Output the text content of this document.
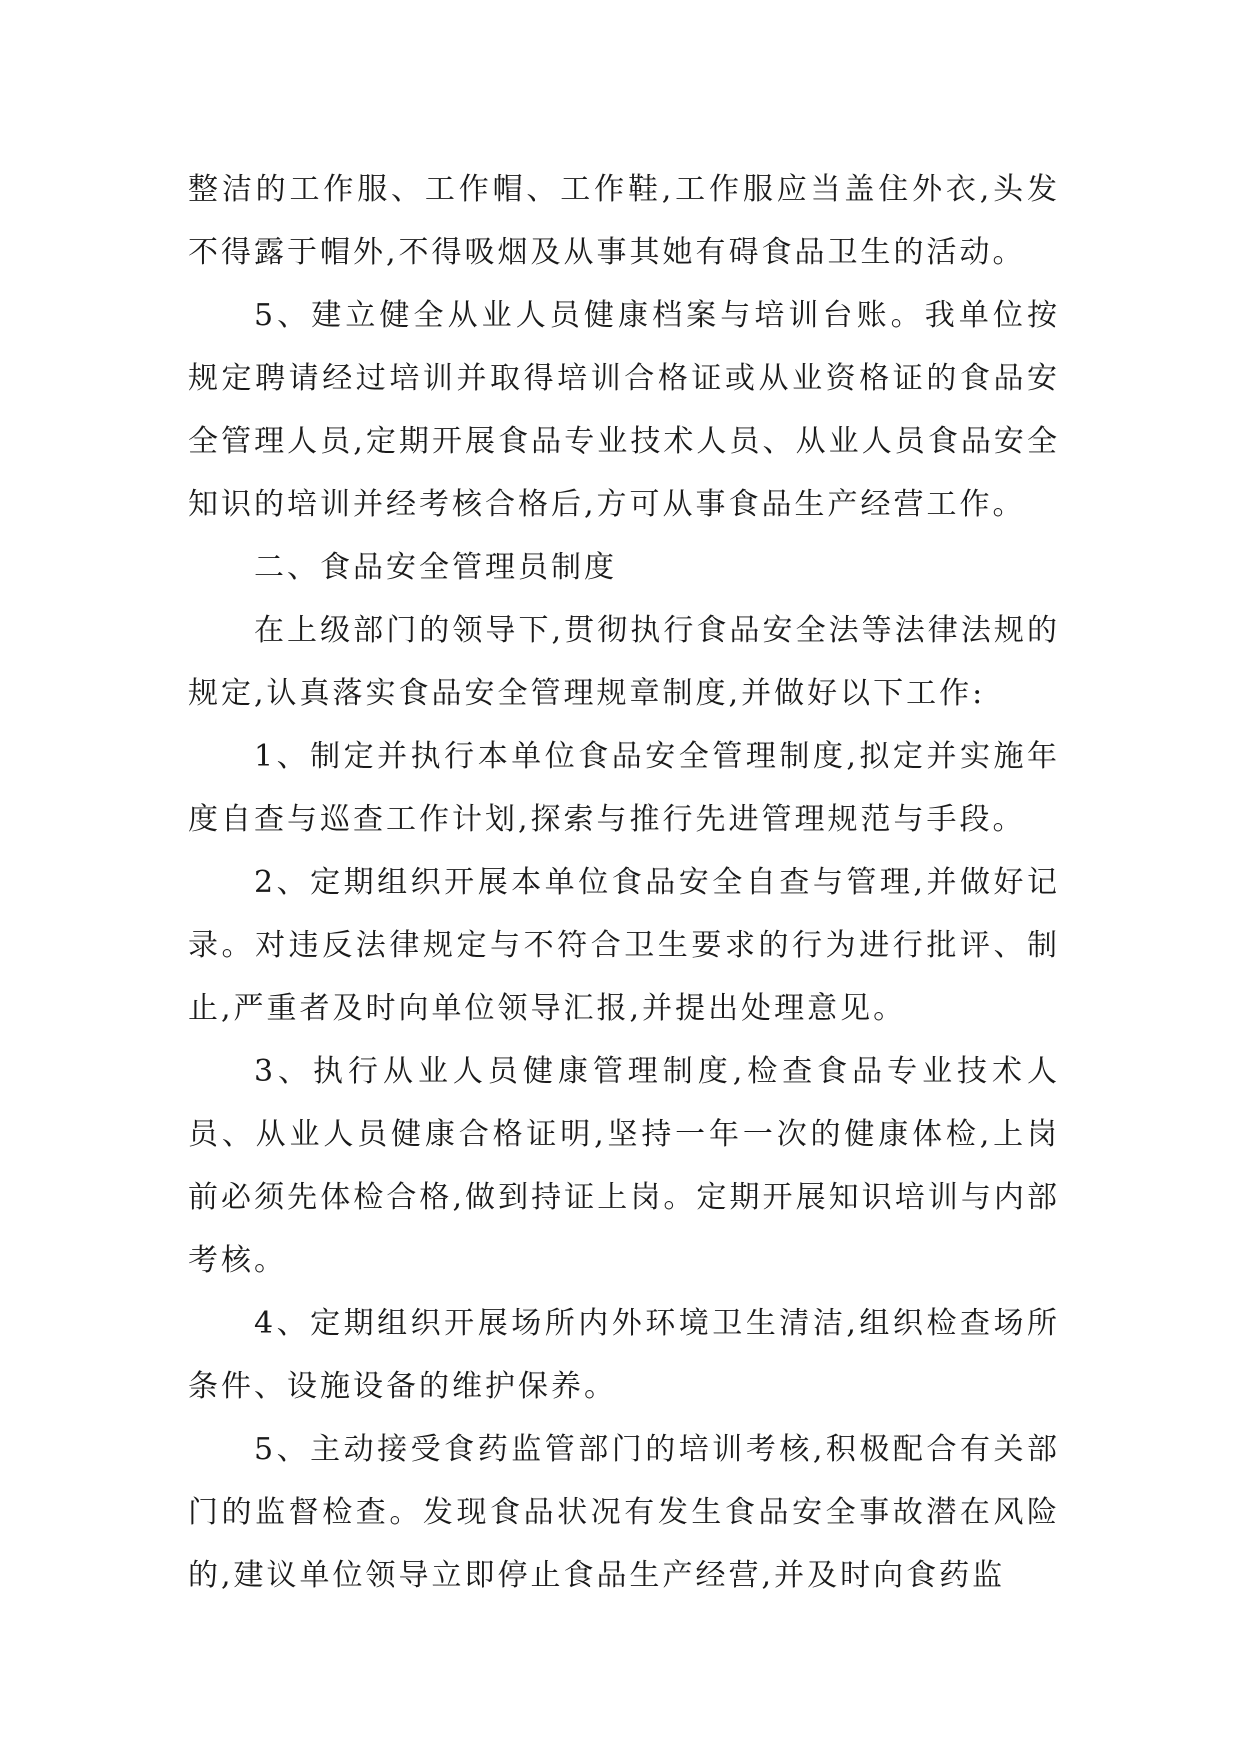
整洁的工作服、工作帽、工作鞋,工作服应当盖住外衣,头发不得露于帽外,不得吸烟及从事其她有碍食品卫生的活动。

5、建立健全从业人员健康档案与培训台账。我单位按规定聘请经过培训并取得培训合格证或从业资格证的食品安全管理人员,定期开展食品专业技术人员、从业人员食品安全知识的培训并经考核合格后,方可从事食品生产经营工作。

二、食品安全管理员制度

在上级部门的领导下,贯彻执行食品安全法等法律法规的规定,认真落实食品安全管理规章制度,并做好以下工作:

1、制定并执行本单位食品安全管理制度,拟定并实施年度自查与巡查工作计划,探索与推行先进管理规范与手段。

2、定期组织开展本单位食品安全自查与管理,并做好记录。对违反法律规定与不符合卫生要求的行为进行批评、制止,严重者及时向单位领导汇报,并提出处理意见。

3、执行从业人员健康管理制度,检查食品专业技术人员、从业人员健康合格证明,坚持一年一次的健康体检,上岗前必须先体检合格,做到持证上岗。定期开展知识培训与内部考核。

4、定期组织开展场所内外环境卫生清洁,组织检查场所条件、设施设备的维护保养。

5、主动接受食药监管部门的培训考核,积极配合有关部门的监督检查。发现食品状况有发生食品安全事故潜在风险的,建议单位领导立即停止食品生产经营,并及时向食药监
